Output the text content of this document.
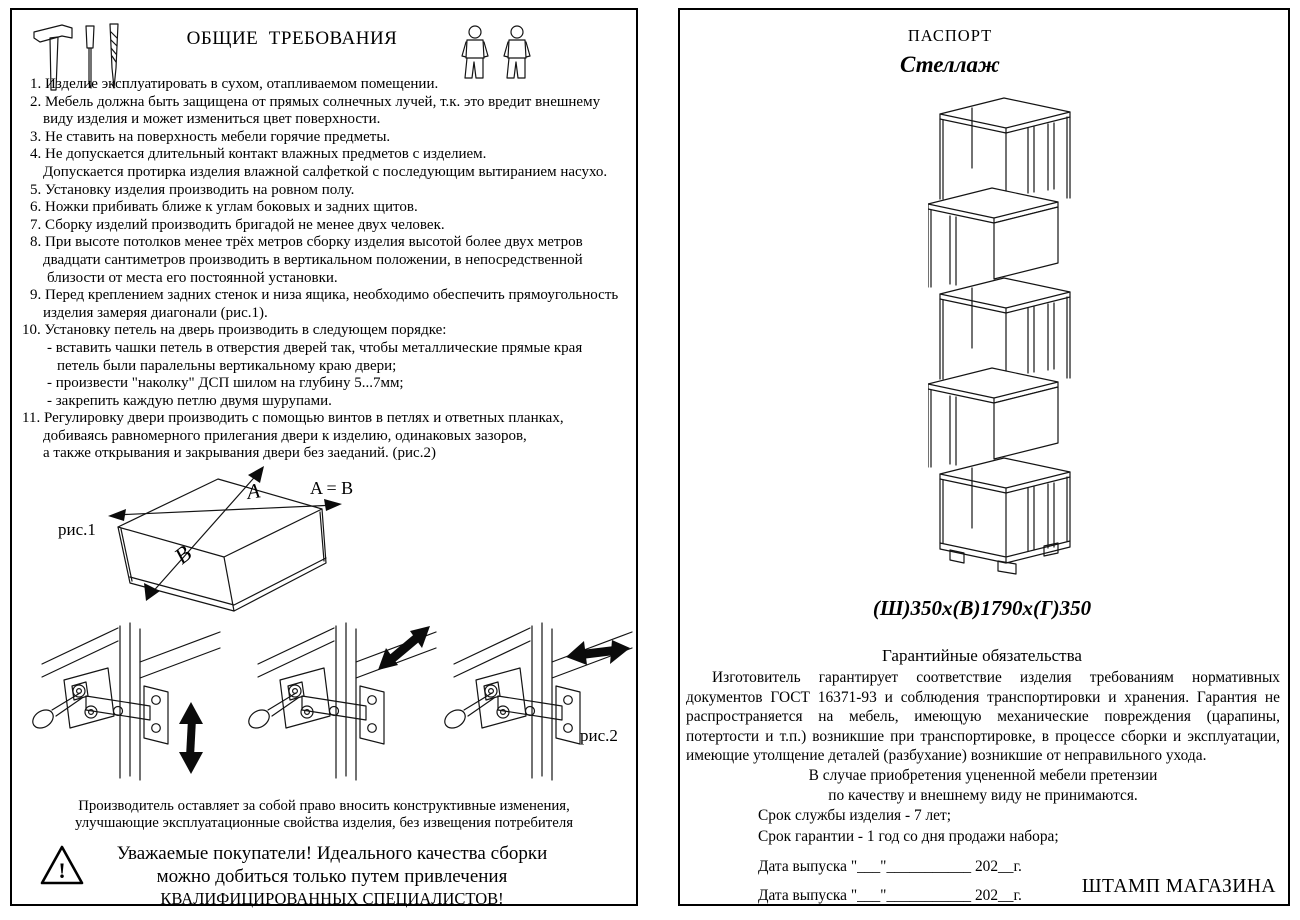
ОБЩИЕ  ТРЕБОВАНИЯ
1. Изделие эксплуатировать в сухом, отапливаемом помещении.
2. Мебель должна быть защищена от прямых солнечных лучей, т.к. это вредит внешнему
виду изделия и может измениться цвет поверхности.
3. Не ставить на поверхность мебели горячие предметы.
4. Не допускается длительный контакт влажных предметов с изделием.
Допускается протирка изделия влажной салфеткой с последующим вытиранием насухо.
5. Установку изделия производить на ровном полу.
6. Ножки прибивать ближе к углам боковых и задних щитов.
7. Сборку изделий производить бригадой не менее двух человек.
8. При высоте потолков менее трёх метров сборку изделия высотой более двух метров
двадцати сантиметров производить в вертикальном положении, в непосредственной
близости от места его постоянной установки.
9. Перед креплением задних стенок и низа ящика, необходимо обеспечить прямоугольность
изделия замеряя диагонали (рис.1).
10. Установку петель на дверь производить в следующем порядке:
- вставить чашки петель в отверстия дверей так, чтобы металлические прямые края
петель были паралельны вертикальному краю двери;
- произвести "наколку" ДСП шилом на глубину 5...7мм;
- закрепить каждую петлю двумя шурупами.
11. Регулировку двери производить с помощью винтов в петлях и ответных планках,
добиваясь равномерного прилегания двери к изделию, одинаковых зазоров,
а также открывания и закрывания двери без заеданий. (рис.2)
рис.1
A
B
A = B
рис.2
Производитель оставляет за собой право вносить конструктивные изменения,
улучшающие эксплуатационные свойства изделия, без извещения потребителя
!
Уважаемые покупатели! Идеального качества сборки
можно добиться только путем привлечения
КВАЛИФИЦИРОВАННЫХ СПЕЦИАЛИСТОВ!
ПАСПОРТ
Стеллаж
(Ш)350х(В)1790х(Г)350
Гарантийные обязательства

Изготовитель гарантирует соответствие изделия требованиям нормативных документов ГОСТ 16371-93 и соблюдения транспортировки и хранения. Гарантия не распространяется на мебель, имеющую механические повреждения (царапины, потертости и т.п.) возникшие при транспортировке, в процессе сборки и эксплуатации, имеющие утолщение деталей (разбухание) возникшие от неправильного ухода.

В случае приобретения уцененной мебели претензии
по качеству и внешнему виду не принимаются.
Срок службы изделия - 7 лет;
Срок гарантии - 1 год со дня продажи набора;
Дата выпуска "___"___________ 202__г.
Дата выпуска "___"___________ 202__г.	ШТАМП МАГАЗИНА
